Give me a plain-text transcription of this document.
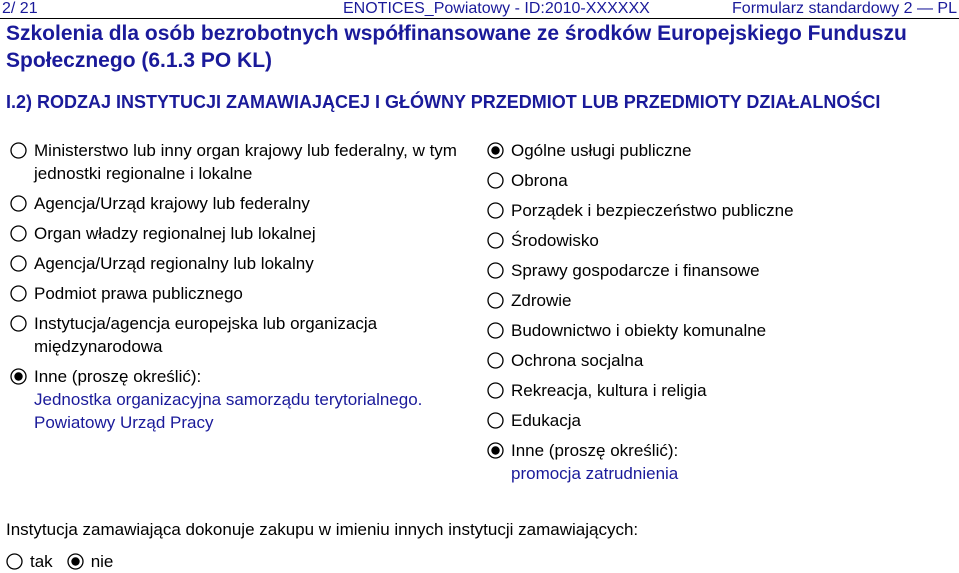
2/ 21	ENOTICES_Powiatowy - ID:2010-XXXXXX	Formularz standardowy 2 — PL
Szkolenia dla osób bezrobotnych współfinansowane ze środków Europejskiego Funduszu Społecznego (6.1.3 PO KL)
I.2) RODZAJ INSTYTUCJI ZAMAWIAJĄCEJ I GŁÓWNY PRZEDMIOT LUB PRZEDMIOTY DZIAŁALNOŚCI
Ministerstwo lub inny organ krajowy lub federalny, w tym jednostki regionalne i lokalne
Agencja/Urząd krajowy lub federalny
Organ władzy regionalnej lub lokalnej
Agencja/Urząd regionalny lub lokalny
Podmiot prawa publicznego
Instytucja/agencja europejska lub organizacja międzynarodowa
Inne (proszę określić):
Jednostka organizacyjna samorządu terytorialnego. Powiatowy Urząd Pracy
Ogólne usługi publiczne
Obrona
Porządek i bezpieczeństwo publiczne
Środowisko
Sprawy gospodarcze i finansowe
Zdrowie
Budownictwo i obiekty komunalne
Ochrona socjalna
Rekreacja, kultura i religia
Edukacja
Inne (proszę określić):
promocja zatrudnienia
Instytucja zamawiająca dokonuje zakupu w imieniu innych instytucji zamawiających:
tak nie
